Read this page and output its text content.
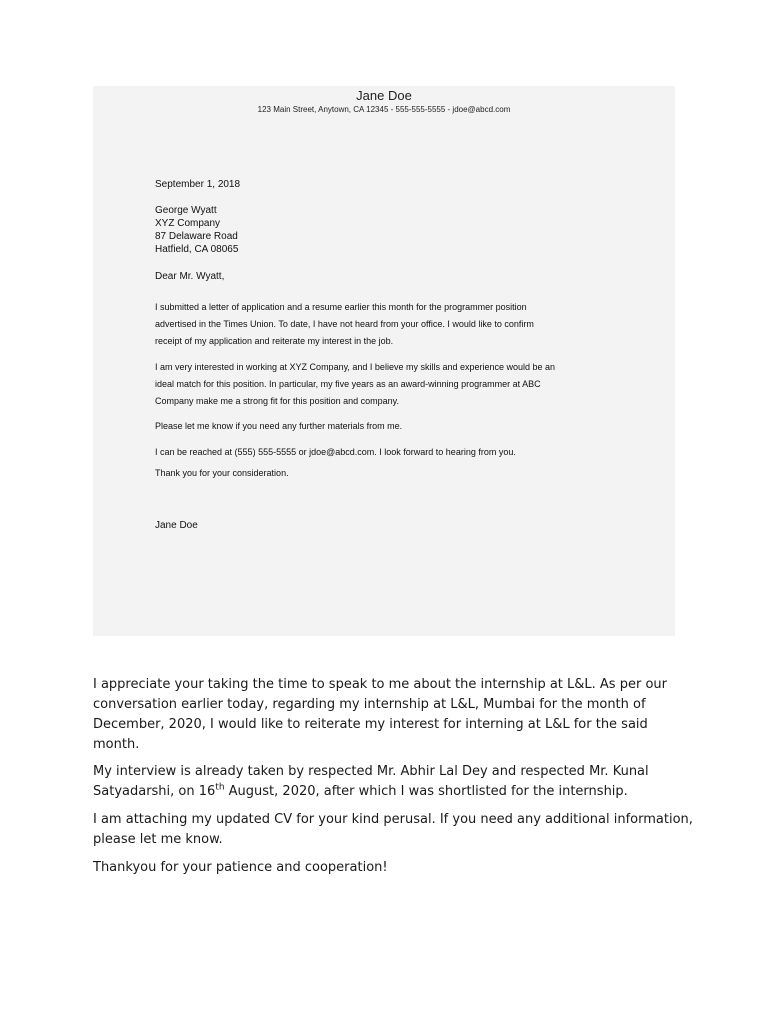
Jane Doe
123 Main Street, Anytown, CA 12345 - 555-555-5555 - jdoe@abcd.com
September 1, 2018
George Wyatt
XYZ Company
87 Delaware Road
Hatfield, CA 08065
Dear Mr. Wyatt,
I submitted a letter of application and a resume earlier this month for the programmer position
advertised in the Times Union. To date, I have not heard from your office. I would like to confirm
receipt of my application and reiterate my interest in the job.
I am very interested in working at XYZ Company, and I believe my skills and experience would be an
ideal match for this position. In particular, my five years as an award-winning programmer at ABC
Company make me a strong fit for this position and company.
Please let me know if you need any further materials from me.
I can be reached at (555) 555-5555 or jdoe@abcd.com. I look forward to hearing from you.
Thank you for your consideration.
Jane Doe
I appreciate your taking the time to speak to me about the internship at L&L. As per our
conversation earlier today, regarding my internship at L&L, Mumbai for the month of
December, 2020, I would like to reiterate my interest for interning at L&L for the said
month.
My interview is already taken by respected Mr. Abhir Lal Dey and respected Mr. Kunal
Satyadarshi, on 16th August, 2020, after which I was shortlisted for the internship.
I am attaching my updated CV for your kind perusal. If you need any additional information,
please let me know.
Thankyou for your patience and cooperation!
